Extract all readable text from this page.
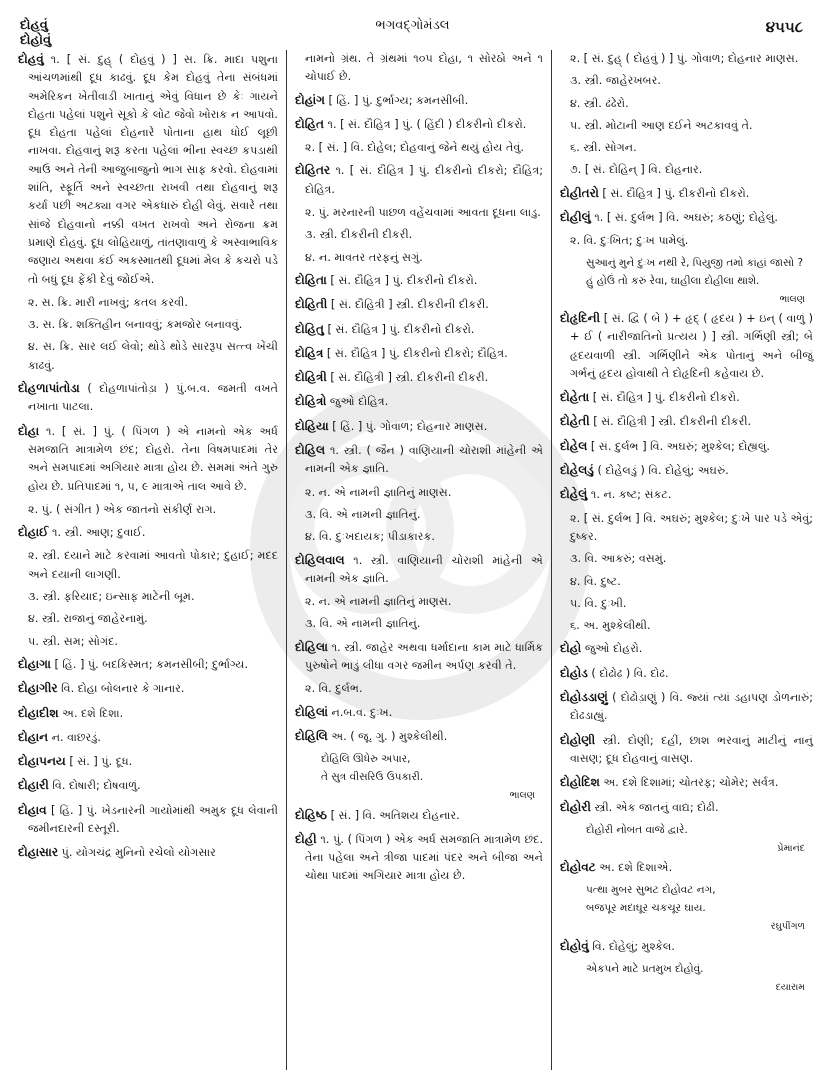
દોહવું
દોહોવું
ભગવદ્ગોમંડલ	૪૫૫૮
દોહવું ૧. [ સં. દુહ્ ( દોહવું ) ] સ. ક્રિ. માદા પશુના આંચળમાંથી દૂધ કાઢવું. દૂધ કેમ દોહવું તેના સંબંધમાં અમેરિકન ખેતીવાડી ખાતાનું એવું વિધાન છે કેઃ ગાયને દોહતા પહેલાં પશુને સૂકો કે લોટ જેવો ખોરાક ન આપવો. દૂધ દોહતા પહેલાં દોહનારે પોતાના હાથ ધોઈ લૂછી નાખવા. દોહવાનું શરૂ કરતા પહેલાં ભીના સ્વચ્છ કપડાથી આઉ અને તેની આજુબાજુનો ભાગ સાફ કરવો. દોહવામાં શાંતિ, સ્ફૂર્તિ અને સ્વચ્છતા રાખવી તથા દોહવાનું શરૂ કર્યા પછી અટક્યા વગર એકધારું દોહી લેવું. સવારે તથા સાંજે દોહવાનો નક્કી વખત રાખવો અને રોજના ક્રમ પ્રમાણે દોહવું. દૂધ લોહિયાળું, તાંતણાવાળું કે અસ્વાભાવિક જણાય અથવા કંઈ અકસ્માતથી દૂધમાં મેલ કે કચરો પડે તો બધું દૂધ ફેંકી દેવું જોઈએ.
૨. સ. ક્રિ. મારી નાખવું; કતલ કરવી.
૩. સ. ક્રિ. શક્તિહીન બનાવવું; કમજોર બનાવવું.
૪. સ. ક્રિ. સાર લઈ લેવો; થોડે થોડે સારરૂપ સત્ત્વ ખેંચી કાઢવું.
દોહળાપાંતોડા ( દોહળાપાંતોડ઼ા ) પું.બ.વ. જમતી વખતે નખાતા પાટલા.
દોહા ૧. [ સં. ] પું. ( પિંગળ ) એ નામનો એક અર્ધ સમજાતિ માત્રામેળ છંદ; દોહરો. તેના વિષમપાદમાં તેર અને સમપાદમાં અગિયાર માત્રા હોય છે. સમમાં અંતે ગુરુ હોય છે. પ્રતિપાદમાં ૧, ૫, ૯ માત્રાએ તાલ આવે છે.
૨. પું. ( સંગીત ) એક જાતનો સંકીર્ણ રાગ.
દોહાઈ ૧. સ્ત્રી. આણ; દુવાઈ.
૨. સ્ત્રી. દયાને માટે કરવામાં આવતો પોકાર; દુહાઈ; મદદ અને દયાની લાગણી.
૩. સ્ત્રી. ફરિયાદ; ઇન્સાફ માટેની બૂમ.
૪. સ્ત્રી. રાજાનું જાહેરનામું.
૫. સ્ત્રી. સમ; સોગંદ.
દોહાગા [ હિં. ] પું. બદકિસ્મત; કમનસીબી; દુર્ભાગ્ય.
દોહાગીર વિ. દોહા બોલનાર કે ગાનાર.
દોહાદીશ અ. દશે દિશા.
દોહાન ન. વાછરડું.
દોહાપનય [ સં. ] પું. દૂધ.
દોહારી વિ. દોષારી; દોષવાળું.
દોહાવ [ હિં. ] પું. ખેડનારની ગાયોમાંથી અમુક દૂધ લેવાની જમીનદારની દસ્તૂરી.
દોહાસાર પું. યોગચંદ્ર મુનિનો રચેલો યોગસાર
નામનો ગ્રંથ. તે ગ્રંથમાં ૧૦૫ દોહા, ૧ સોરઠો અને ૧ ચોપાઈ છે.
દોહાંગ [ હિં. ] પું. દુર્ભાગ્ય; કમનસીબી.
દોહિત ૧. [ સં. દૌહિત્ર ] પું. ( હિંદી ) દીકરીનો દીકરો.
૨. [ સં. ] વિ. દોહેલ; દોહવાનું જેને થયું હોય તેવું.
દોહિતર ૧. [ સં. દૌહિત્ર ] પું. દીકરીનો દીકરો; દૌહિત્ર; દોહિત્ર.
૨. પું. મરનારની પાછળ વહેંચવામાં આવતા દૂધના લાડુ.
૩. સ્ત્રી. દીકરીની દીકરી.
૪. ન. માવતર તરફનું સગું.
દોહિતા [ સં. દૌહિત્ર ] પું. દીકરીનો દીકરો.
દોહિતી [ સં. દૌહિત્રી ] સ્ત્રી. દીકરીની દીકરી.
દોહિતુ [ સં. દૌહિત્ર ] પું. દીકરીનો દીકરો.
દોહિત્ર [ સં. દૌહિત્ર ] પું. દીકરીનો દીકરો; દૌહિત્ર.
દોહિત્રી [ સં. દૌહિત્રી ] સ્ત્રી. દીકરીની દીકરી.
દોહિત્રો જુઓ દોહિત્ર.
દોહિયા [ હિં. ] પું. ગોવાળ; દોહનાર માણસ.
દોહિલ ૧. સ્ત્રી. ( જૈન ) વાણિયાની ચોરાશી માંહેની એ નામની એક જ્ઞાતિ.
૨. ન. એ નામની જ્ઞાતિનું માણસ.
૩. વિ. એ નામની જ્ઞાતિનું.
૪. વિ. દુઃખદાયક; પીડાકારક.
દોહિલવાલ ૧. સ્ત્રી. વાણિયાની ચોરાશી માંહેની એ નામની એક જ્ઞાતિ.
૨. ન. એ નામની જ્ઞાતિનું માણસ.
૩. વિ. એ નામની જ્ઞાતિનું.
દોહિલા ૧. સ્ત્રી. જાહેર અથવા ધર્માદાના કામ માટે ધાર્મિક પુરુષોને ભાડું લીધા વગર જમીન અર્પણ કરવી તે.
૨. વિ. દુર્લભ.
દોહિલાં ન.બ.વ. દુઃખ.
દોહિલિ અ. ( જૂ. ગુ. ) મુશ્કેલીથી.
દોહિલિ ઊધેરુ અપાર,
તે સુત્ર વીસરિઉ ઉપકારી.
ભાલણ
દોહિષ્ઠ [ સં. ] વિ. અતિશય દોહનાર.
દોહી ૧. પું. ( પિંગળ ) એક અર્ધ સમજાતિ માત્રામેળ છંદ. તેના પહેલા અને ત્રીજા પાદમાં પંદર અને બીજા અને ચોથા પાદમાં અગિયાર માત્રા હોય છે.
૨. [ સં. દુહ્ ( દોહવું ) ] પું. ગોવાળ; દોહનાર માણસ.
૩. સ્ત્રી. જાહેરખબર.
૪. સ્ત્રી. ઢંઢેરો.
૫. સ્ત્રી. મોટાની આણ દઈને અટકાવવું તે.
૬. સ્ત્રી. સોગન.
૭. [ સં. દોહિન્ ] વિ. દોહનાર.
દોહીતરો [ સં. દૌહિત્ર ] પું. દીકરીનો દીકરો.
દોહીલું ૧. [ સં. દુર્લભ ] વિ. અઘરું; કઠણું; દોહેલું.
૨. વિ. દુઃખિત; દુઃખ પામેલું.
સુઆનું મુને દુઃખ નથી રે, પિયુજી તમો કાંહાં જાસો ?
હું હોઉં તો કરું રેવા, ઘાહીલા દોહીલા થાશે.
ભાલણ
દોહૃદિની [ સં. દ્વિ ( બે ) + હૃદ્ ( હૃદય ) + ઇન્ ( વાળું ) + ઈ ( નારીજાતિનો પ્રત્યય ) ] સ્ત્રી. ગર્ભિણી સ્ત્રી; બે હૃદયવાળી સ્ત્રી. ગર્ભિણીને એક પોતાનું અને બીજું ગર્ભનું હૃદય હોવાથી તે દોહૃદિની કહેવાય છે.
દોહેતા [ સં. દૌહિત્ર ] પું. દીકરીનો દીકરો.
દોહેતી [ સં. દૌહિત્રી ] સ્ત્રી. દીકરીની દીકરી.
દોહેલ [ સં. દુર્લભ ] વિ. અઘરું; મુશ્કેલ; દોહ્યલું.
દોહેલડું ( દોહેલડું ) વિ. દોહેલું; અઘરું.
દોહેલું ૧. ન. કષ્ટ; સંકટ.
૨. [ સં. દુર્લભ ] વિ. અઘરું; મુશ્કેલ; દુઃખે પાર પડે એવું; દુષ્કર.
૩. વિ. આકરું; વસમું.
૪. વિ. દુષ્ટ.
૫. વિ. દુઃખી.
૬. અ. મુશ્કેલીથી.
દોહો જુઓ દોહરો.
દોહોડ ( દોઢોઢ઼ ) વિ. દોઢ.
દોહોડડાણું ( દોઢોડ઼ાણું ) વિ. જ્યાં ત્યાં ડહાપણ ડોળનારું; દોઢડાહ્યું.
દોહોણી સ્ત્રી. દોણી; દહીં, છાશ ભરવાનું માટીનું નાનું વાસણ; દૂધ દોહવાનું વાસણ.
દોહોદિશ અ. દશે દિશામાં; ચોતરફ; ચોમેર; સર્વત્ર.
દોહોરી સ્ત્રી. એક જાતનું વાદ્ય; દોઢી.
દોહોરી નોબત વાજે દ્વારે.
પ્રેમાનંદ
દોહોવટ અ. દશે દિશાએ.
પત્થા મુબર સુભટ દોહોવટ નગ,
બજપૂર મદાઘૂર ચકચૂર ઘાય.
રઘુપીંગળ
દોહોવું વિ. દોહેલું; મુશ્કેલ.
એકપને માટે પ્રતમુખ દોહોવું.
દયારામ
